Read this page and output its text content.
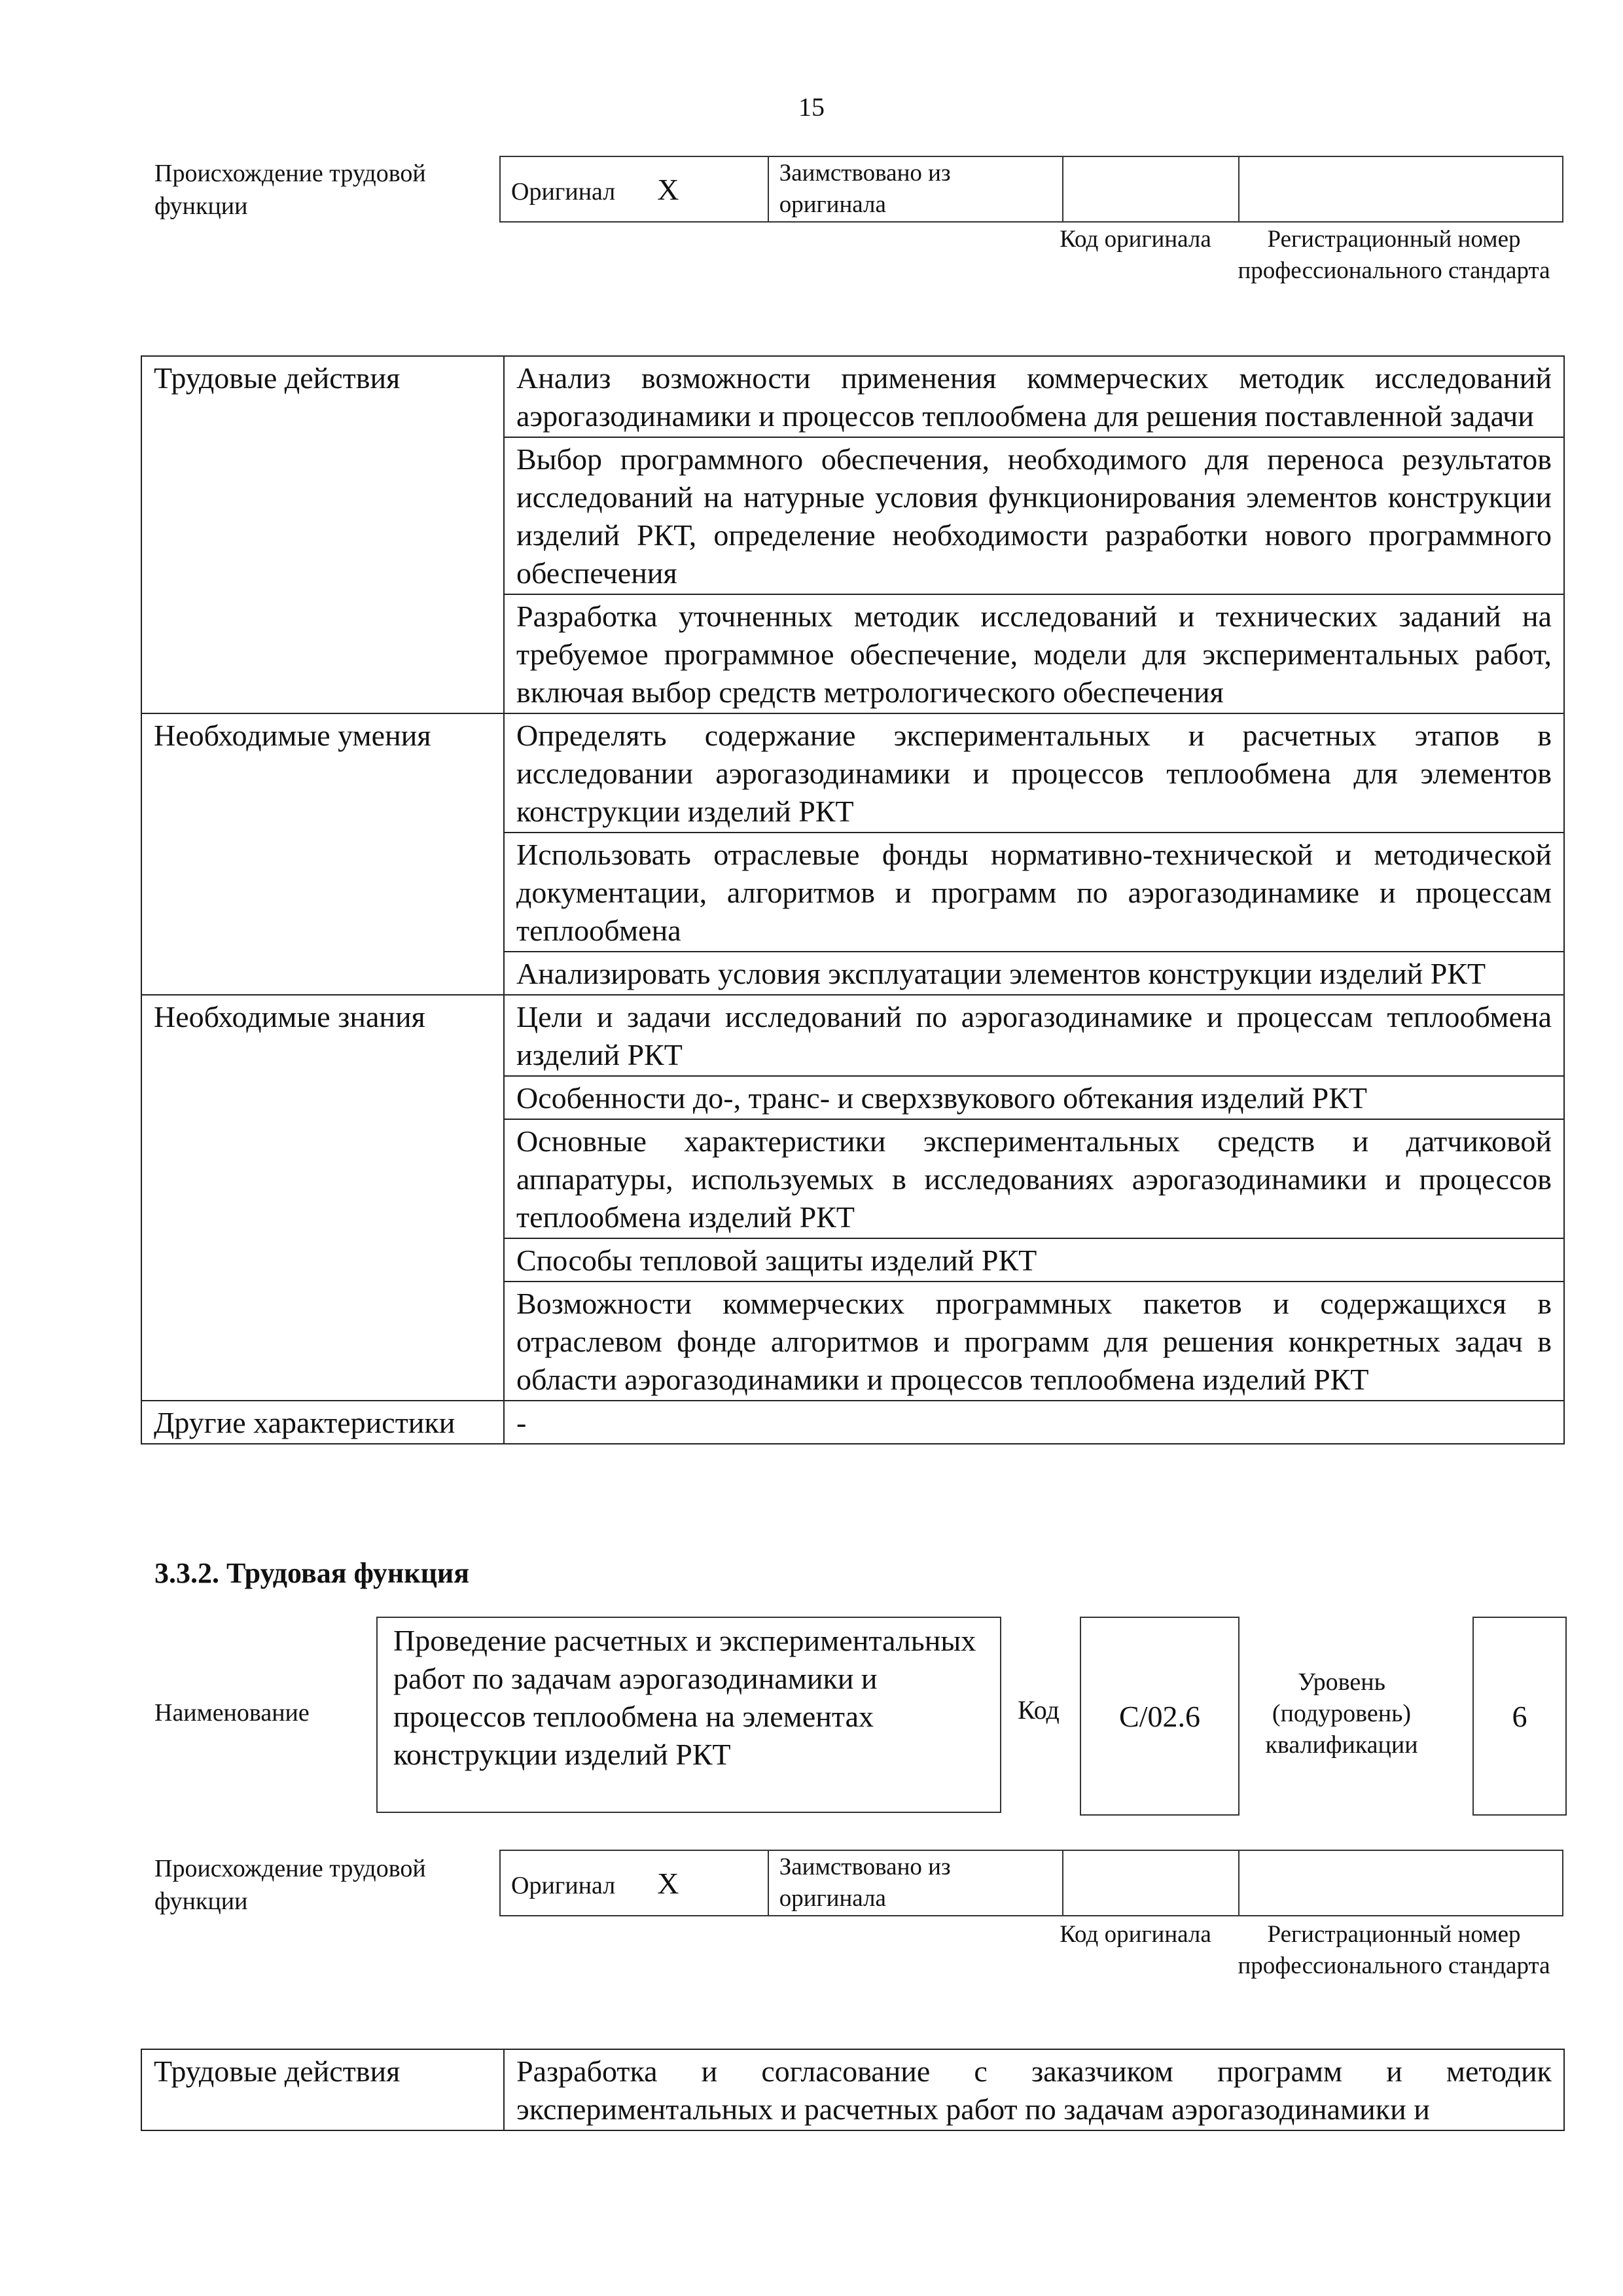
15
Происхождение трудовой функции
Оригинал X	Заимствовано из оригинала		
Код оригинала	Регистрационный номер профессионального стандарта
Трудовые действия	Анализ возможности применения коммерческих методик исследований аэрогазодинамики и процессов теплообмена для решения поставленной задачи
	Выбор программного обеспечения, необходимого для переноса результатов исследований на натурные условия функционирования элементов конструкции изделий РКТ, определение необходимости разработки нового программного обеспечения
	Разработка уточненных методик исследований и технических заданий на требуемое программное обеспечение, модели для экспериментальных работ, включая выбор средств метрологического обеспечения
Необходимые умения	Определять содержание экспериментальных и расчетных этапов в исследовании аэрогазодинамики и процессов теплообмена для элементов конструкции изделий РКТ
	Использовать отраслевые фонды нормативно-технической и методической документации, алгоритмов и программ по аэрогазодинамике и процессам теплообмена
	Анализировать условия эксплуатации элементов конструкции изделий РКТ
Необходимые знания	Цели и задачи исследований по аэрогазодинамике и процессам теплообмена изделий РКТ
	Особенности до-, транс- и сверхзвукового обтекания изделий РКТ
	Основные характеристики экспериментальных средств и датчиковой аппаратуры, используемых в исследованиях аэрогазодинамики и процессов теплообмена изделий РКТ
	Способы тепловой защиты изделий РКТ
	Возможности коммерческих программных пакетов и содержащихся в отраслевом фонде алгоритмов и программ для решения конкретных задач в области аэрогазодинамики и процессов теплообмена изделий РКТ
Другие характеристики	-
3.3.2. Трудовая функция
Наименование
Проведение расчетных и экспериментальных работ по задачам аэрогазодинамики и процессов теплообмена на элементах конструкции изделий РКТ
Код	C/02.6
Уровень (подуровень) квалификации
6
Происхождение трудовой функции
Оригинал X	Заимствовано из оригинала		
Код оригинала	Регистрационный номер профессионального стандарта
Трудовые действия	Разработка и согласование с заказчиком программ и методик экспериментальных и расчетных работ по задачам аэрогазодинамики и
